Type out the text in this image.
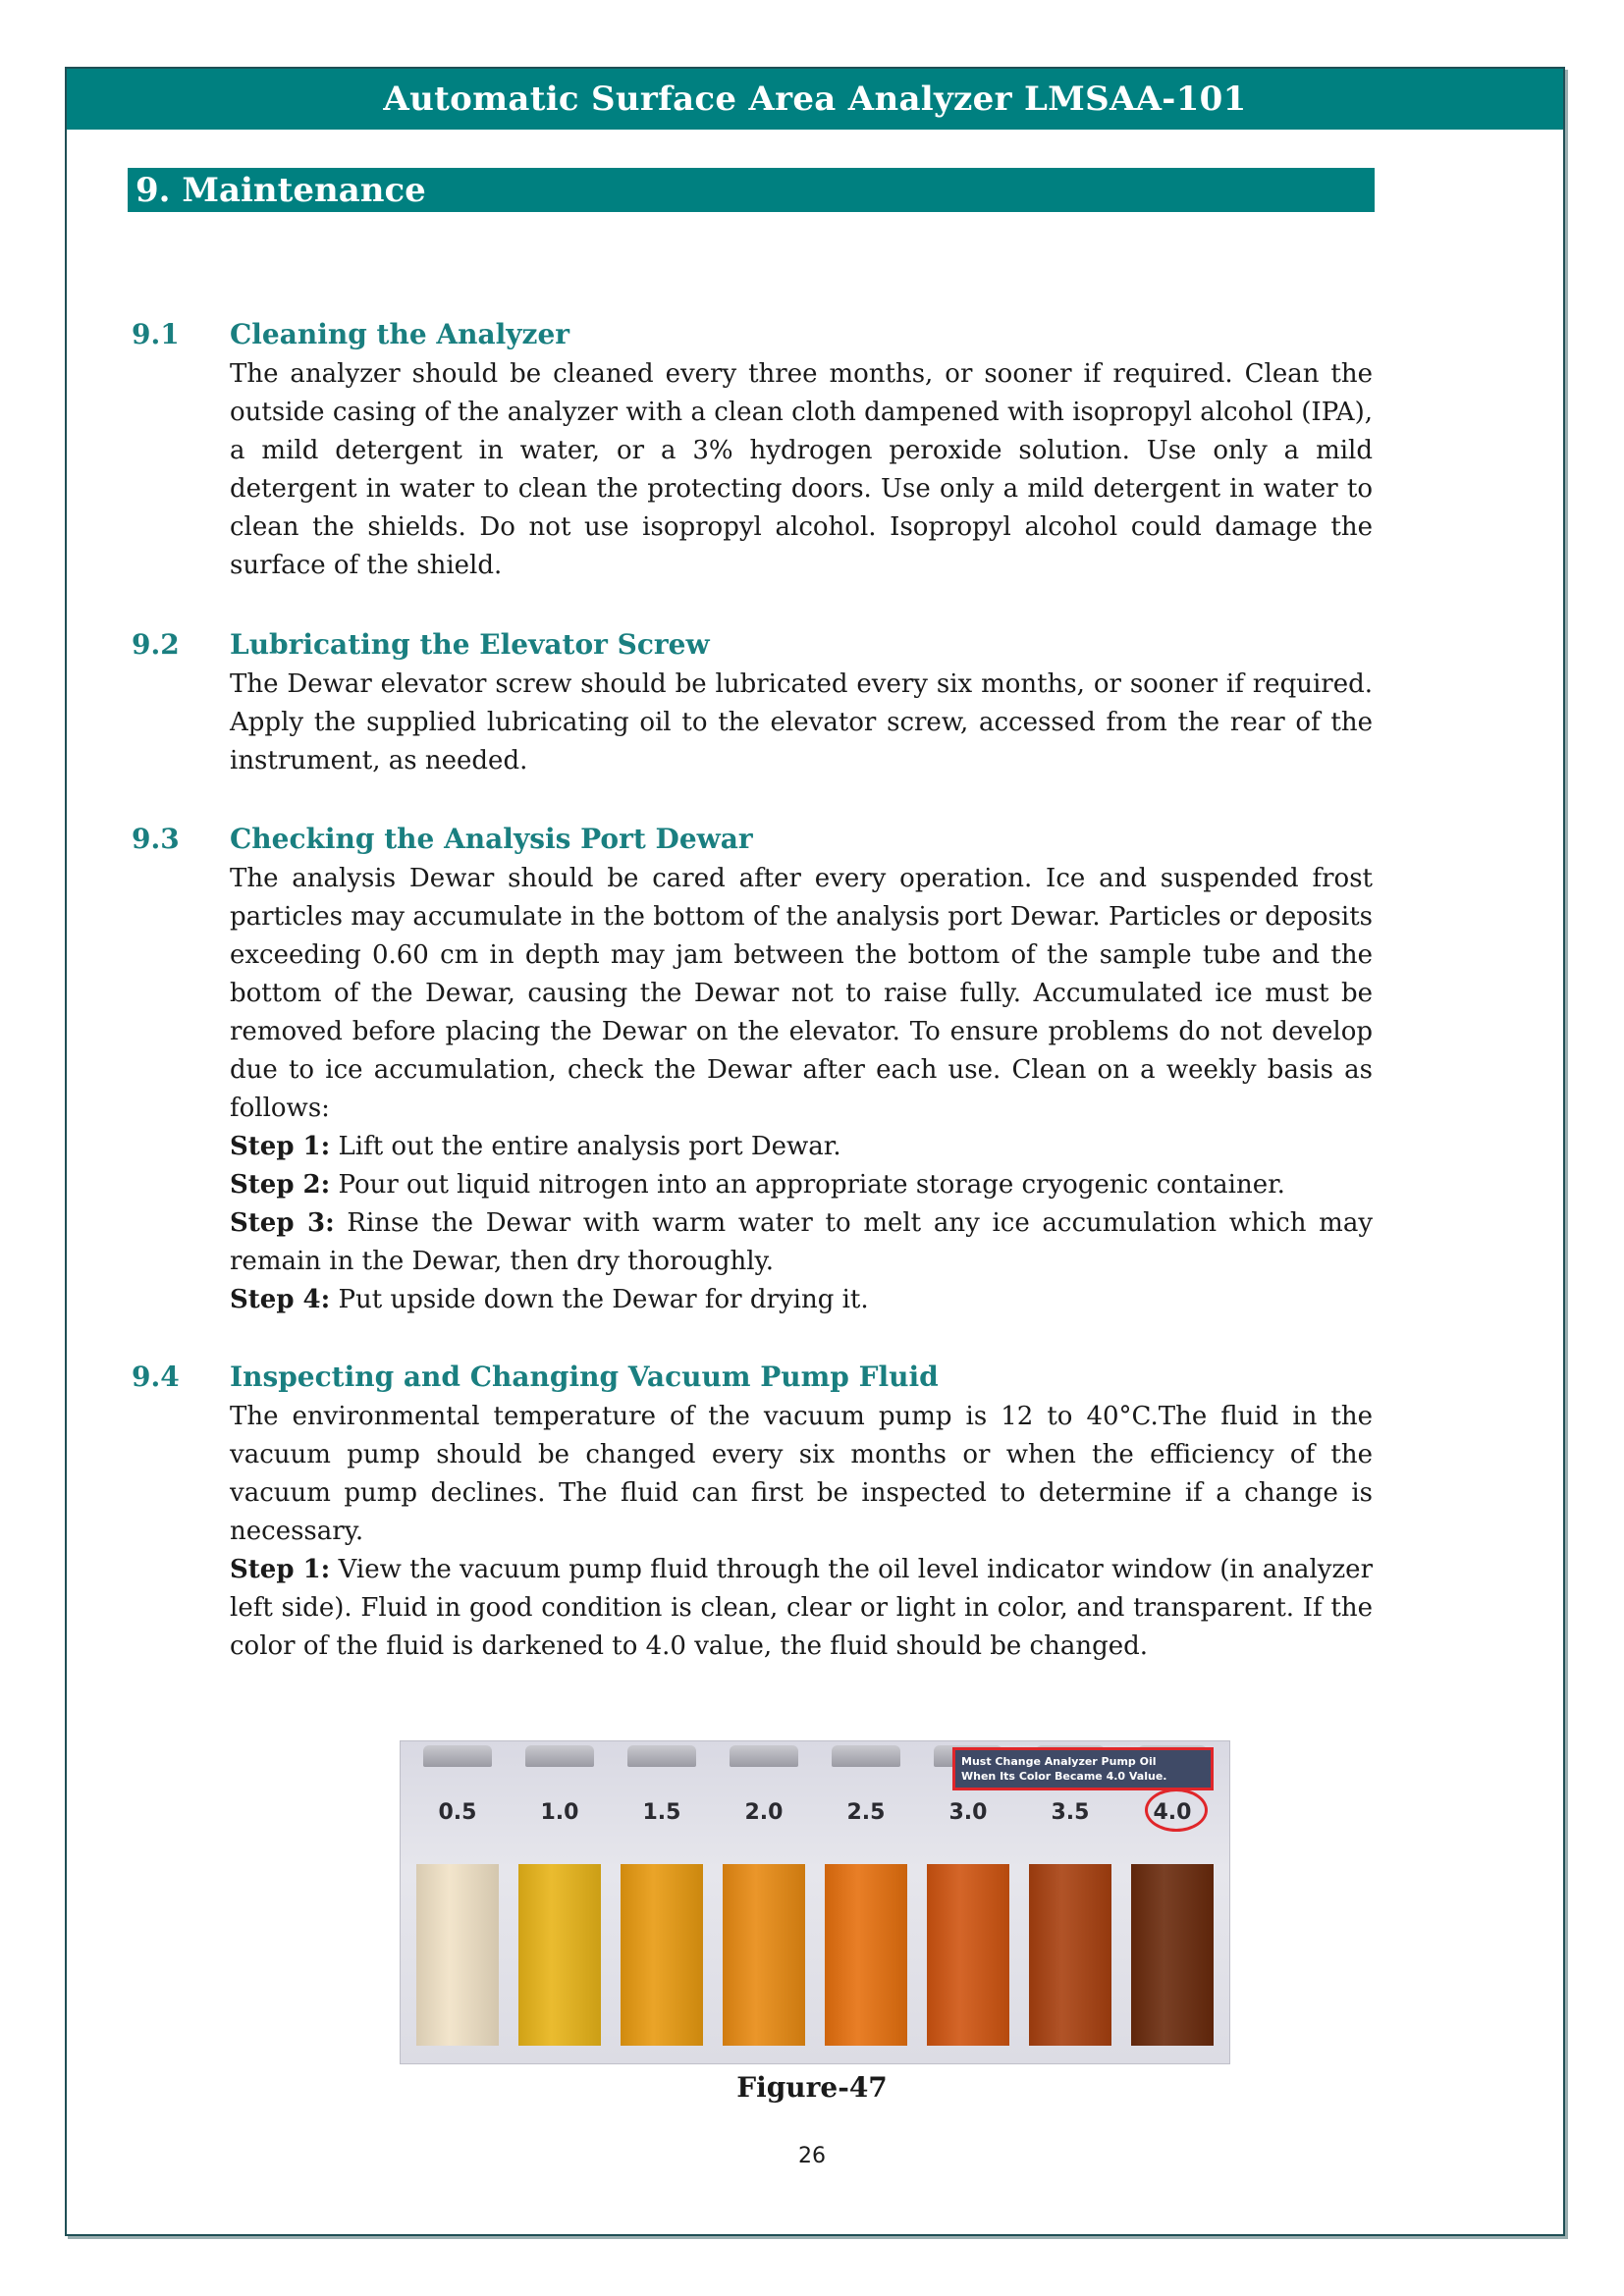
Automatic Surface Area Analyzer LMSAA-101
9. Maintenance
9.1	Cleaning the Analyzer

The analyzer should be cleaned every three months, or sooner if required. Clean the outside casing of the analyzer with a clean cloth dampened with isopropyl alcohol (IPA), a mild detergent in water, or a 3% hydrogen peroxide solution. Use only a mild detergent in water to clean the protecting doors. Use only a mild detergent in water to clean the shields. Do not use isopropyl alcohol. Isopropyl alcohol could damage the surface of the shield.

9.2	Lubricating the Elevator Screw

The Dewar elevator screw should be lubricated every six months, or sooner if required. Apply the supplied lubricating oil to the elevator screw, accessed from the rear of the instrument, as needed.

9.3	Checking the Analysis Port Dewar

The analysis Dewar should be cared after every operation. Ice and suspended frost particles may accumulate in the bottom of the analysis port Dewar. Particles or deposits exceeding 0.60 cm in depth may jam between the bottom of the sample tube and the bottom of the Dewar, causing the Dewar not to raise fully. Accumulated ice must be removed before placing the Dewar on the elevator. To ensure problems do not develop due to ice accumulation, check the Dewar after each use. Clean on a weekly basis as follows:

Step 1: Lift out the entire analysis port Dewar.

Step 2: Pour out liquid nitrogen into an appropriate storage cryogenic container.

Step 3: Rinse the Dewar with warm water to melt any ice accumulation which may remain in the Dewar, then dry thoroughly.

Step 4: Put upside down the Dewar for drying it.

9.4	Inspecting and Changing Vacuum Pump Fluid

The environmental temperature of the vacuum pump is 12 to 40°C.The fluid in the vacuum pump should be changed every six months or when the efficiency of the vacuum pump declines. The fluid can first be inspected to determine if a change is necessary.

Step 1: View the vacuum pump fluid through the oil level indicator window (in analyzer left side). Fluid in good condition is clean, clear or light in color, and transparent. If the color of the fluid is darkened to 4.0 value, the fluid should be changed.

0.5	1.0	1.5	2.0	2.5	3.0	3.5	4.0
Must Change Analyzer Pump Oil
When Its Color Became 4.0 Value.
Figure-47
26
